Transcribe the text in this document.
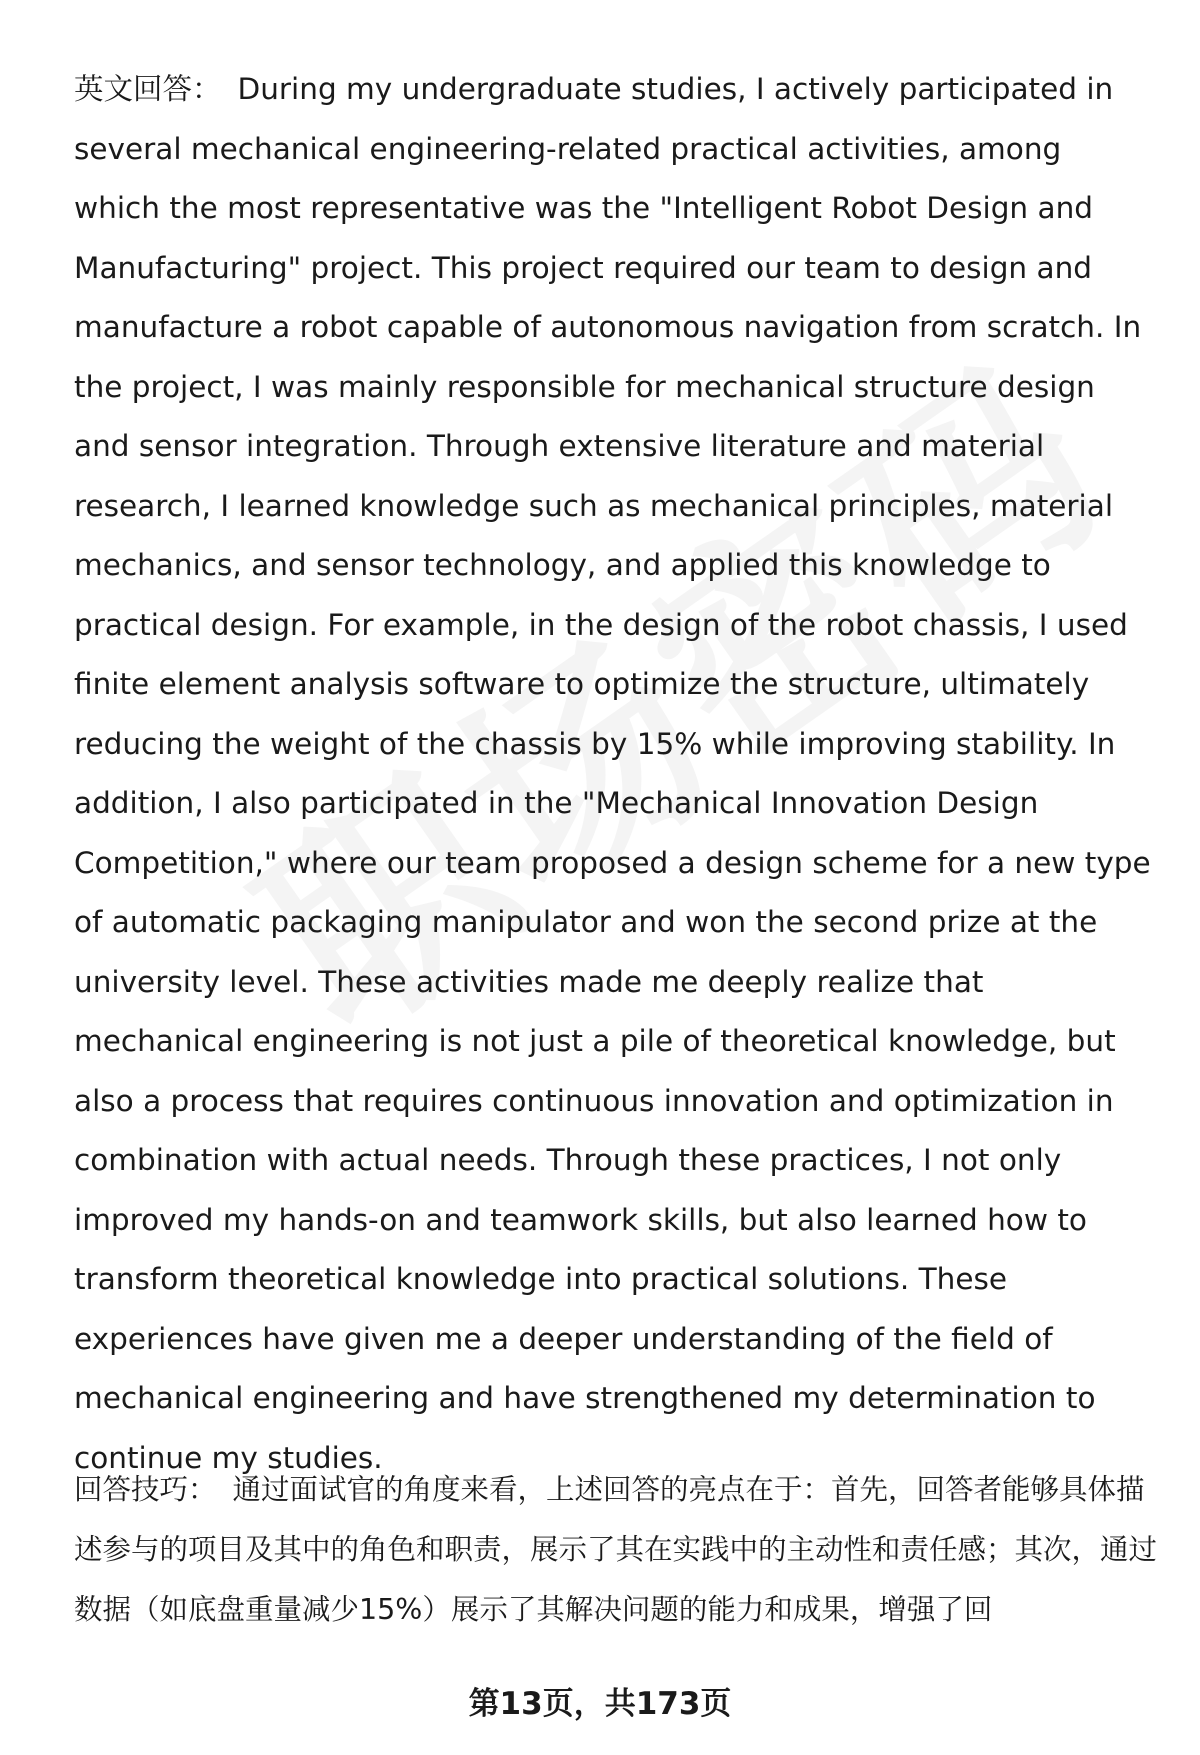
英文回答： During my undergraduate studies, I actively participated in several mechanical engineering-related practical activities, among which the most representative was the "Intelligent Robot Design and Manufacturing" project. This project required our team to design and manufacture a robot capable of autonomous navigation from scratch. In the project, I was mainly responsible for mechanical structure design and sensor integration. Through extensive literature and material research, I learned knowledge such as mechanical principles, material mechanics, and sensor technology, and applied this knowledge to practical design. For example, in the design of the robot chassis, I used finite element analysis software to optimize the structure, ultimately reducing the weight of the chassis by 15% while improving stability. In addition, I also participated in the "Mechanical Innovation Design Competition," where our team proposed a design scheme for a new type of automatic packaging manipulator and won the second prize at the university level. These activities made me deeply realize that mechanical engineering is not just a pile of theoretical knowledge, but also a process that requires continuous innovation and optimization in combination with actual needs. Through these practices, I not only improved my hands-on and teamwork skills, but also learned how to transform theoretical knowledge into practical solutions. These experiences have given me a deeper understanding of the field of mechanical engineering and have strengthened my determination to continue my studies.

回答技巧： 通过面试官的角度来看，上述回答的亮点在于：首先，回答者能够具体描述参与的项目及其中的角色和职责，展示了其在实践中的主动性和责任感；其次，通过数据（如底盘重量减少15%）展示了其解决问题的能力和成果，增强了回

第13页，共173页
